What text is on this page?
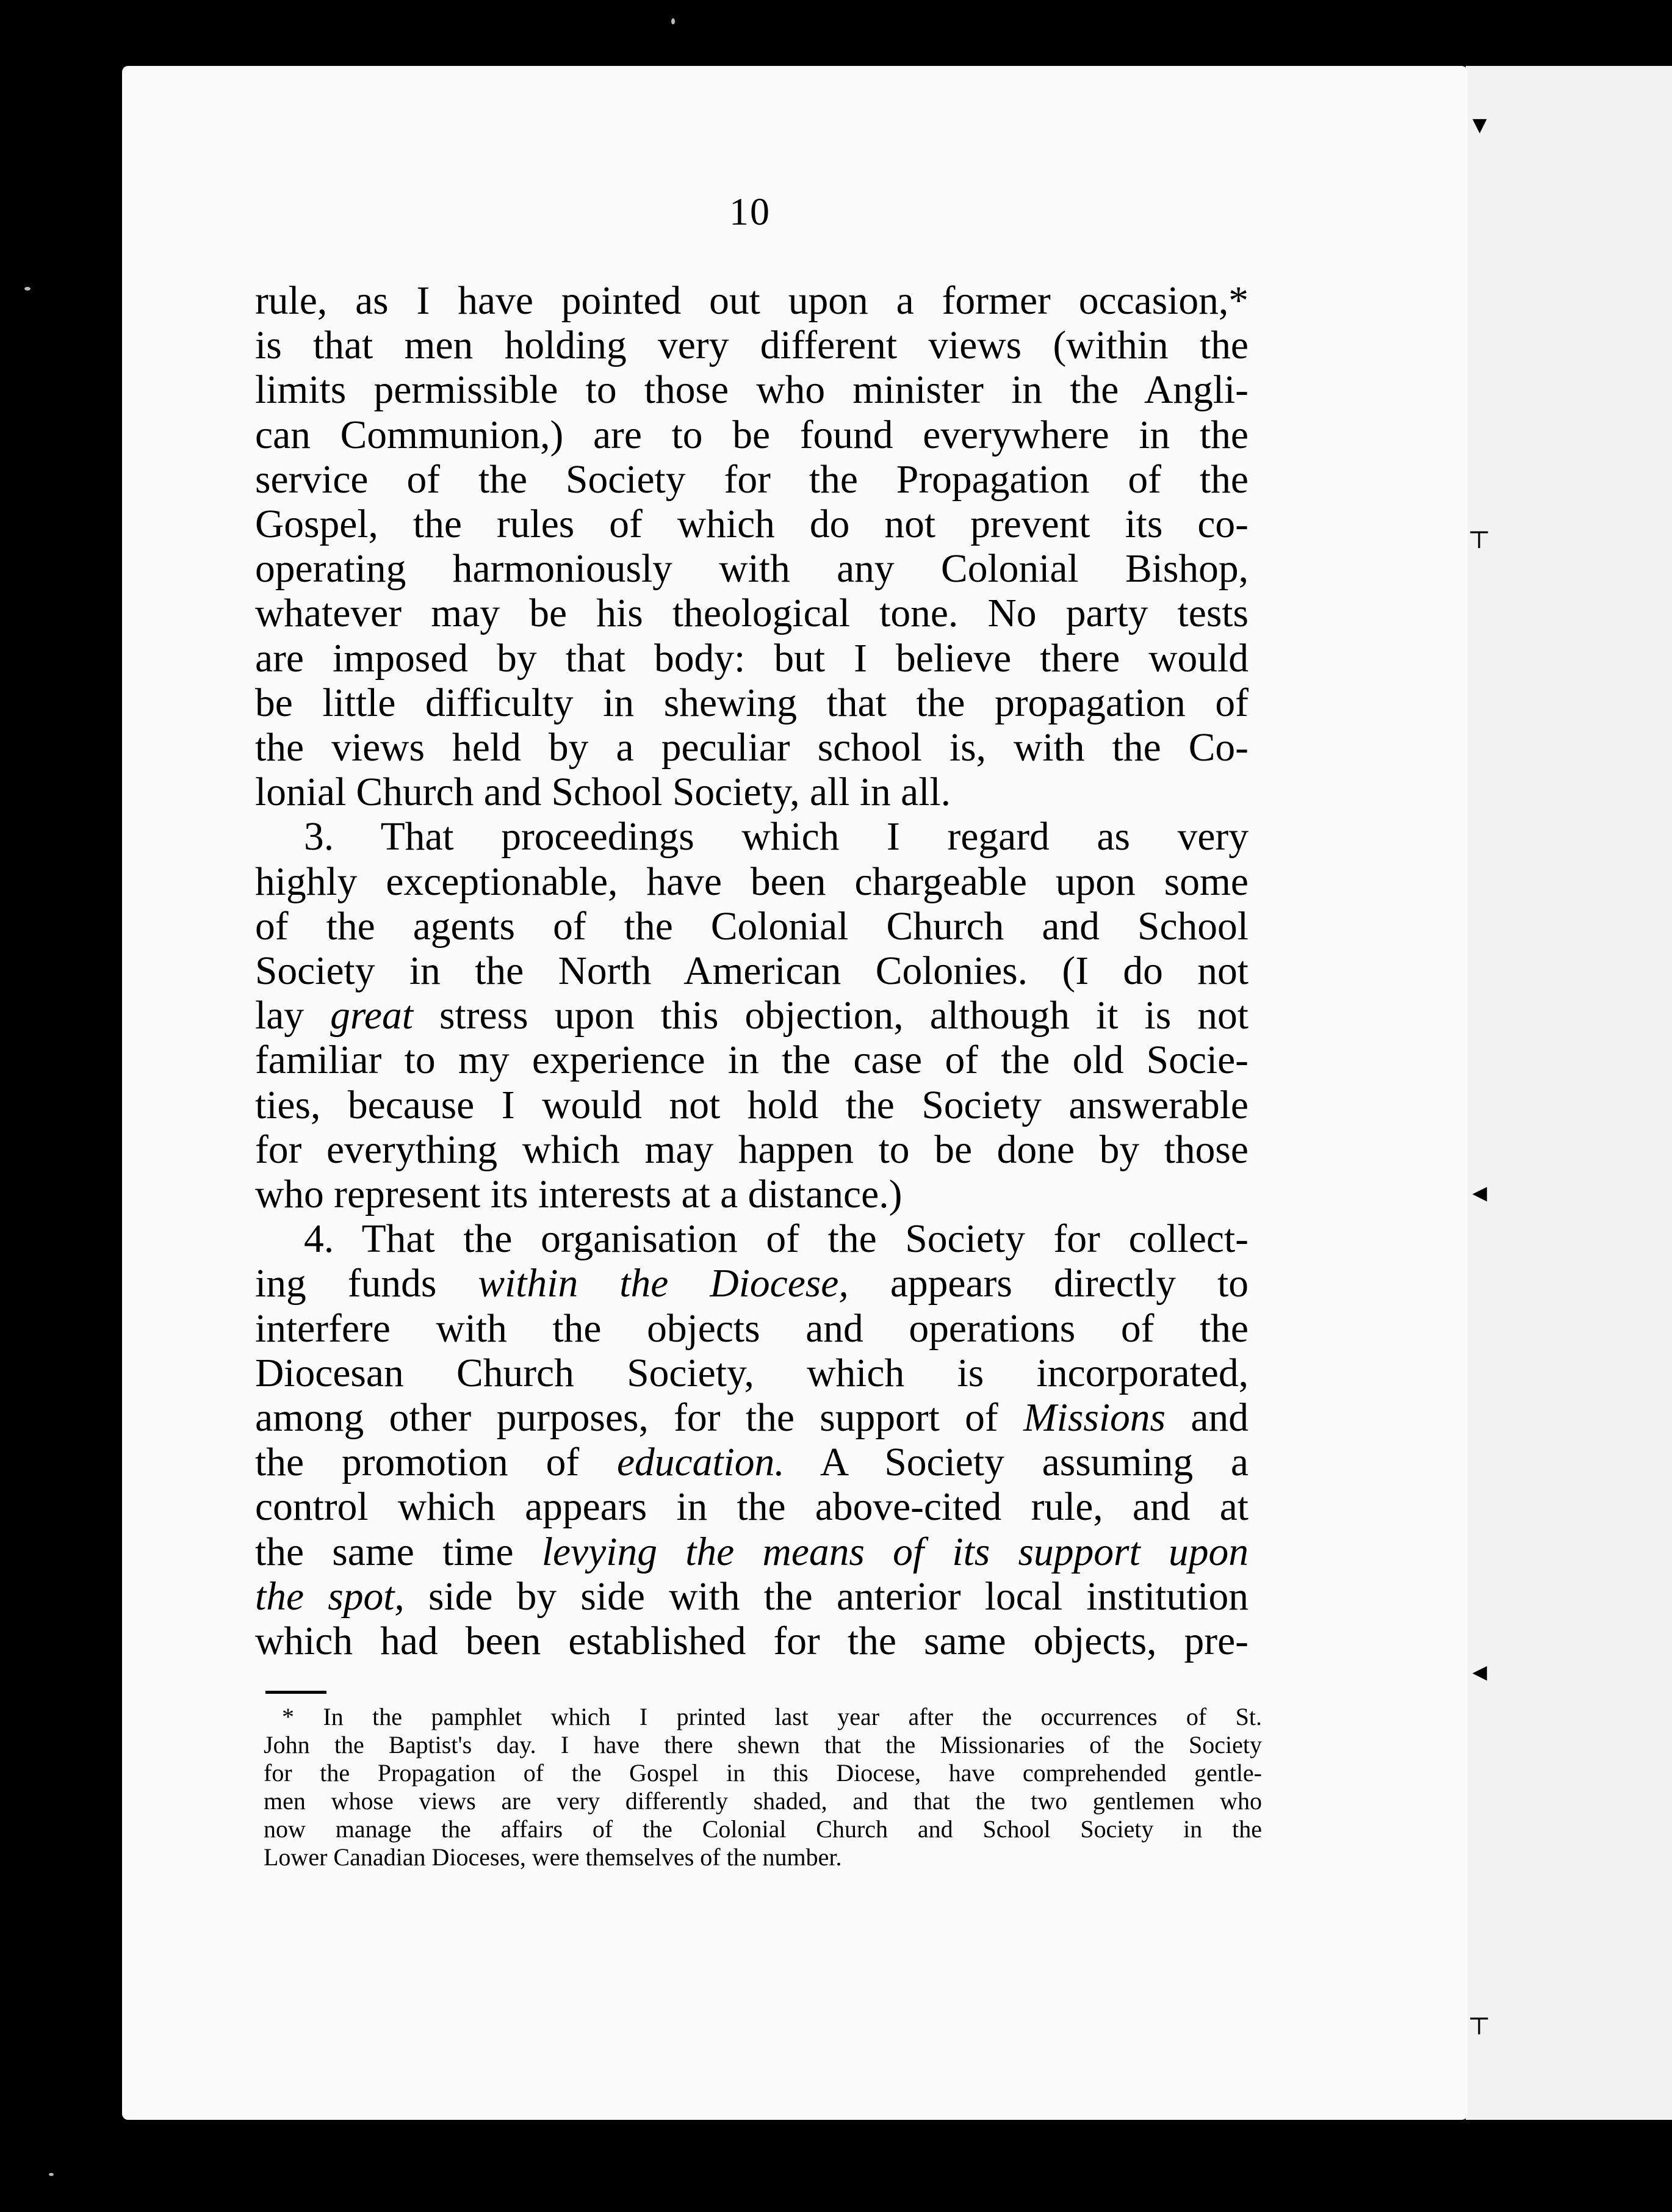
▼
⊤
◄
◄
⊤
10
rule, as I have pointed out upon a former occasion,*
is that men holding very different views (within the
limits permissible to those who minister in the Angli-
can Communion,) are to be found everywhere in the
service of the Society for the Propagation of the
Gospel, the rules of which do not prevent its co-
operating harmoniously with any Colonial Bishop,
whatever may be his theological tone. No party tests
are imposed by that body: but I believe there would
be little difficulty in shewing that the propagation of
the views held by a peculiar school is, with the Co-
lonial Church and School Society, all in all.
3. That proceedings which I regard as very
highly exceptionable, have been chargeable upon some
of the agents of the Colonial Church and School
Society in the North American Colonies. (I do not
lay great stress upon this objection, although it is not
familiar to my experience in the case of the old Socie-
ties, because I would not hold the Society answerable
for everything which may happen to be done by those
who represent its interests at a distance.)
4. That the organisation of the Society for collect-
ing funds within the Diocese, appears directly to
interfere with the objects and operations of the
Diocesan Church Society, which is incorporated,
among other purposes, for the support of Missions and
the promotion of education. A Society assuming a
control which appears in the above-cited rule, and at
the same time levying the means of its support upon
the spot, side by side with the anterior local institution
which had been established for the same objects, pre-
* In the pamphlet which I printed last year after the occurrences of St.
John the Baptist's day. I have there shewn that the Missionaries of the Society
for the Propagation of the Gospel in this Diocese, have comprehended gentle-
men whose views are very differently shaded, and that the two gentlemen who
now manage the affairs of the Colonial Church and School Society in the
Lower Canadian Dioceses, were themselves of the number.
